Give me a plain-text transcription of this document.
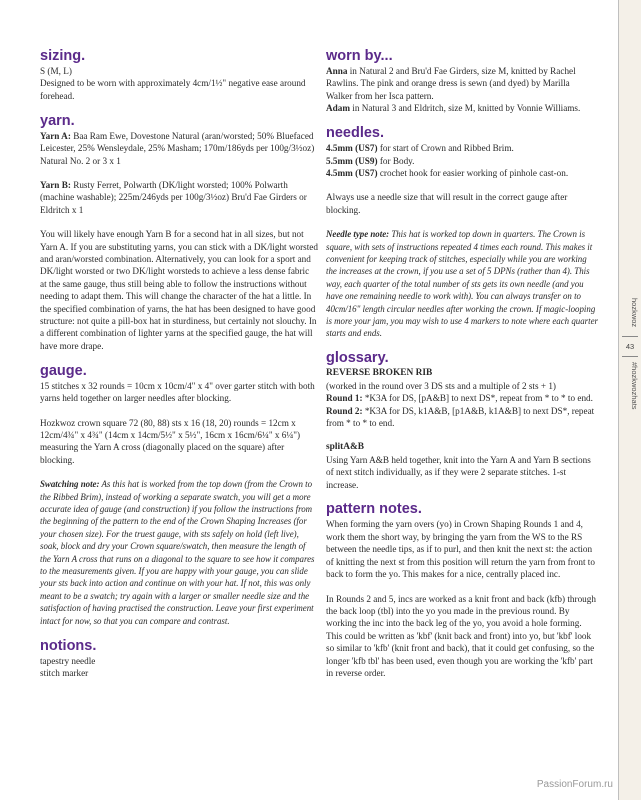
sizing.

S (M, L)

Designed to be worn with approximately 4cm/1½" negative ease around forehead.

yarn.

Yarn A: Baa Ram Ewe, Dovestone Natural (aran/worsted; 50% Bluefaced Leicester, 25% Wensleydale, 25% Masham; 170m/186yds per 100g/3½oz) Natural No. 2 or 3 x 1

Yarn B: Rusty Ferret, Polwarth (DK/light worsted; 100% Polwarth (machine washable); 225m/246yds per 100g/3½oz) Bru'd Fae Girders or Eldritch x 1

You will likely have enough Yarn B for a second hat in all sizes, but not Yarn A. If you are substituting yarns, you can stick with a DK/light worsted and aran/worsted combination. Alternatively, you can look for a sport and DK/light worsted or two DK/light worsteds to achieve a less dense fabric at the same gauge, thus still being able to follow the instructions without needing to adapt them. This will change the character of the hat a little. In the specified combination of yarns, the hat has been designed to have good structure: not quite a pill-box hat in sturdiness, but certainly not slouchy. In a different combination of lighter yarns at the specified gauge, the hat will have more drape.

gauge.

15 stitches x 32 rounds = 10cm x 10cm/4" x 4" over garter stitch with both yarns held together on larger needles after blocking.

Hozkwoz crown square 72 (80, 88) sts x 16 (18, 20) rounds = 12cm x 12cm/4¾" x 4¾" (14cm x 14cm/5½" x 5½", 16cm x 16cm/6¼" x 6¼") measuring the Yarn A cross (diagonally placed on the square) after blocking.

Swatching note: As this hat is worked from the top down (from the Crown to the Ribbed Brim), instead of working a separate swatch, you will get a more accurate idea of gauge (and construction) if you follow the instructions from the beginning of the pattern to the end of the Crown Shaping Increases (for your chosen size). For the truest gauge, with sts safely on hold (left live), soak, block and dry your Crown square/swatch, then measure the length of the Yarn A cross that runs on a diagonal to the square to see how it compares to the measurements given. If you are happy with your gauge, you can slide your sts back into action and continue on with your hat. If not, this was only meant to be a swatch; try again with a larger or smaller needle size and the satisfaction of having practised the construction. Leave your first experiment intact for now, so that you can compare and contrast.

notions.

tapestry needle

stitch marker

worn by...

Anna in Natural 2 and Bru'd Fae Girders, size M, knitted by Rachel Rawlins. The pink and orange dress is sewn (and dyed) by Marilla Walker from her Isca pattern.

Adam in Natural 3 and Eldritch, size M, knitted by Vonnie Williams.

needles.

4.5mm (US7) for start of Crown and Ribbed Brim.

5.5mm (US9) for Body.

4.5mm (US7) crochet hook for easier working of pinhole cast-on.

Always use a needle size that will result in the correct gauge after blocking.

Needle type note: This hat is worked top down in quarters. The Crown is square, with sets of instructions repeated 4 times each round. This makes it convenient for keeping track of stitches, especially while you are working the increases at the crown, if you use a set of 5 DPNs (rather than 4). This way, each quarter of the total number of sts gets its own needle (and you have one remaining needle to work with). You can always transfer on to 40cm/16" length circular needles after working the crown. If magic-looping is more your jam, you may wish to use 4 markers to note where each quarter starts and ends.

glossary.

REVERSE BROKEN RIB

(worked in the round over 3 DS sts and a multiple of 2 sts + 1)

Round 1: *K3A for DS, [pA&B] to next DS*, repeat from * to * to end.

Round 2: *K3A for DS, k1A&B, [p1A&B, k1A&B] to next DS*, repeat from * to * to end.

splitA&B

Using Yarn A&B held together, knit into the Yarn A and Yarn B sections of next stitch individually, as if they were 2 separate stitches. 1-st increase.

pattern notes.

When forming the yarn overs (yo) in Crown Shaping Rounds 1 and 4, work them the short way, by bringing the yarn from the WS to the RS between the needle tips, as if to purl, and then knit the next st: the action of knitting the next st from this position will return the yarn from front to back to form the yo. This makes for a nice, centrally placed inc.

In Rounds 2 and 5, incs are worked as a knit front and back (kfb) through the back loop (tbl) into the yo you made in the previous round. By working the inc into the back leg of the yo, you avoid a hole forming. This could be written as 'kbf' (knit back and front) into yo, but 'kbf' look so similar to 'kfb' (knit front and back), that it could get confusing, so the longer 'kfb tbl' has been used, even though you are working the 'kfb' part in reverse order.

hozkwoz
43
#hozkwozhats
PassionForum.ru
